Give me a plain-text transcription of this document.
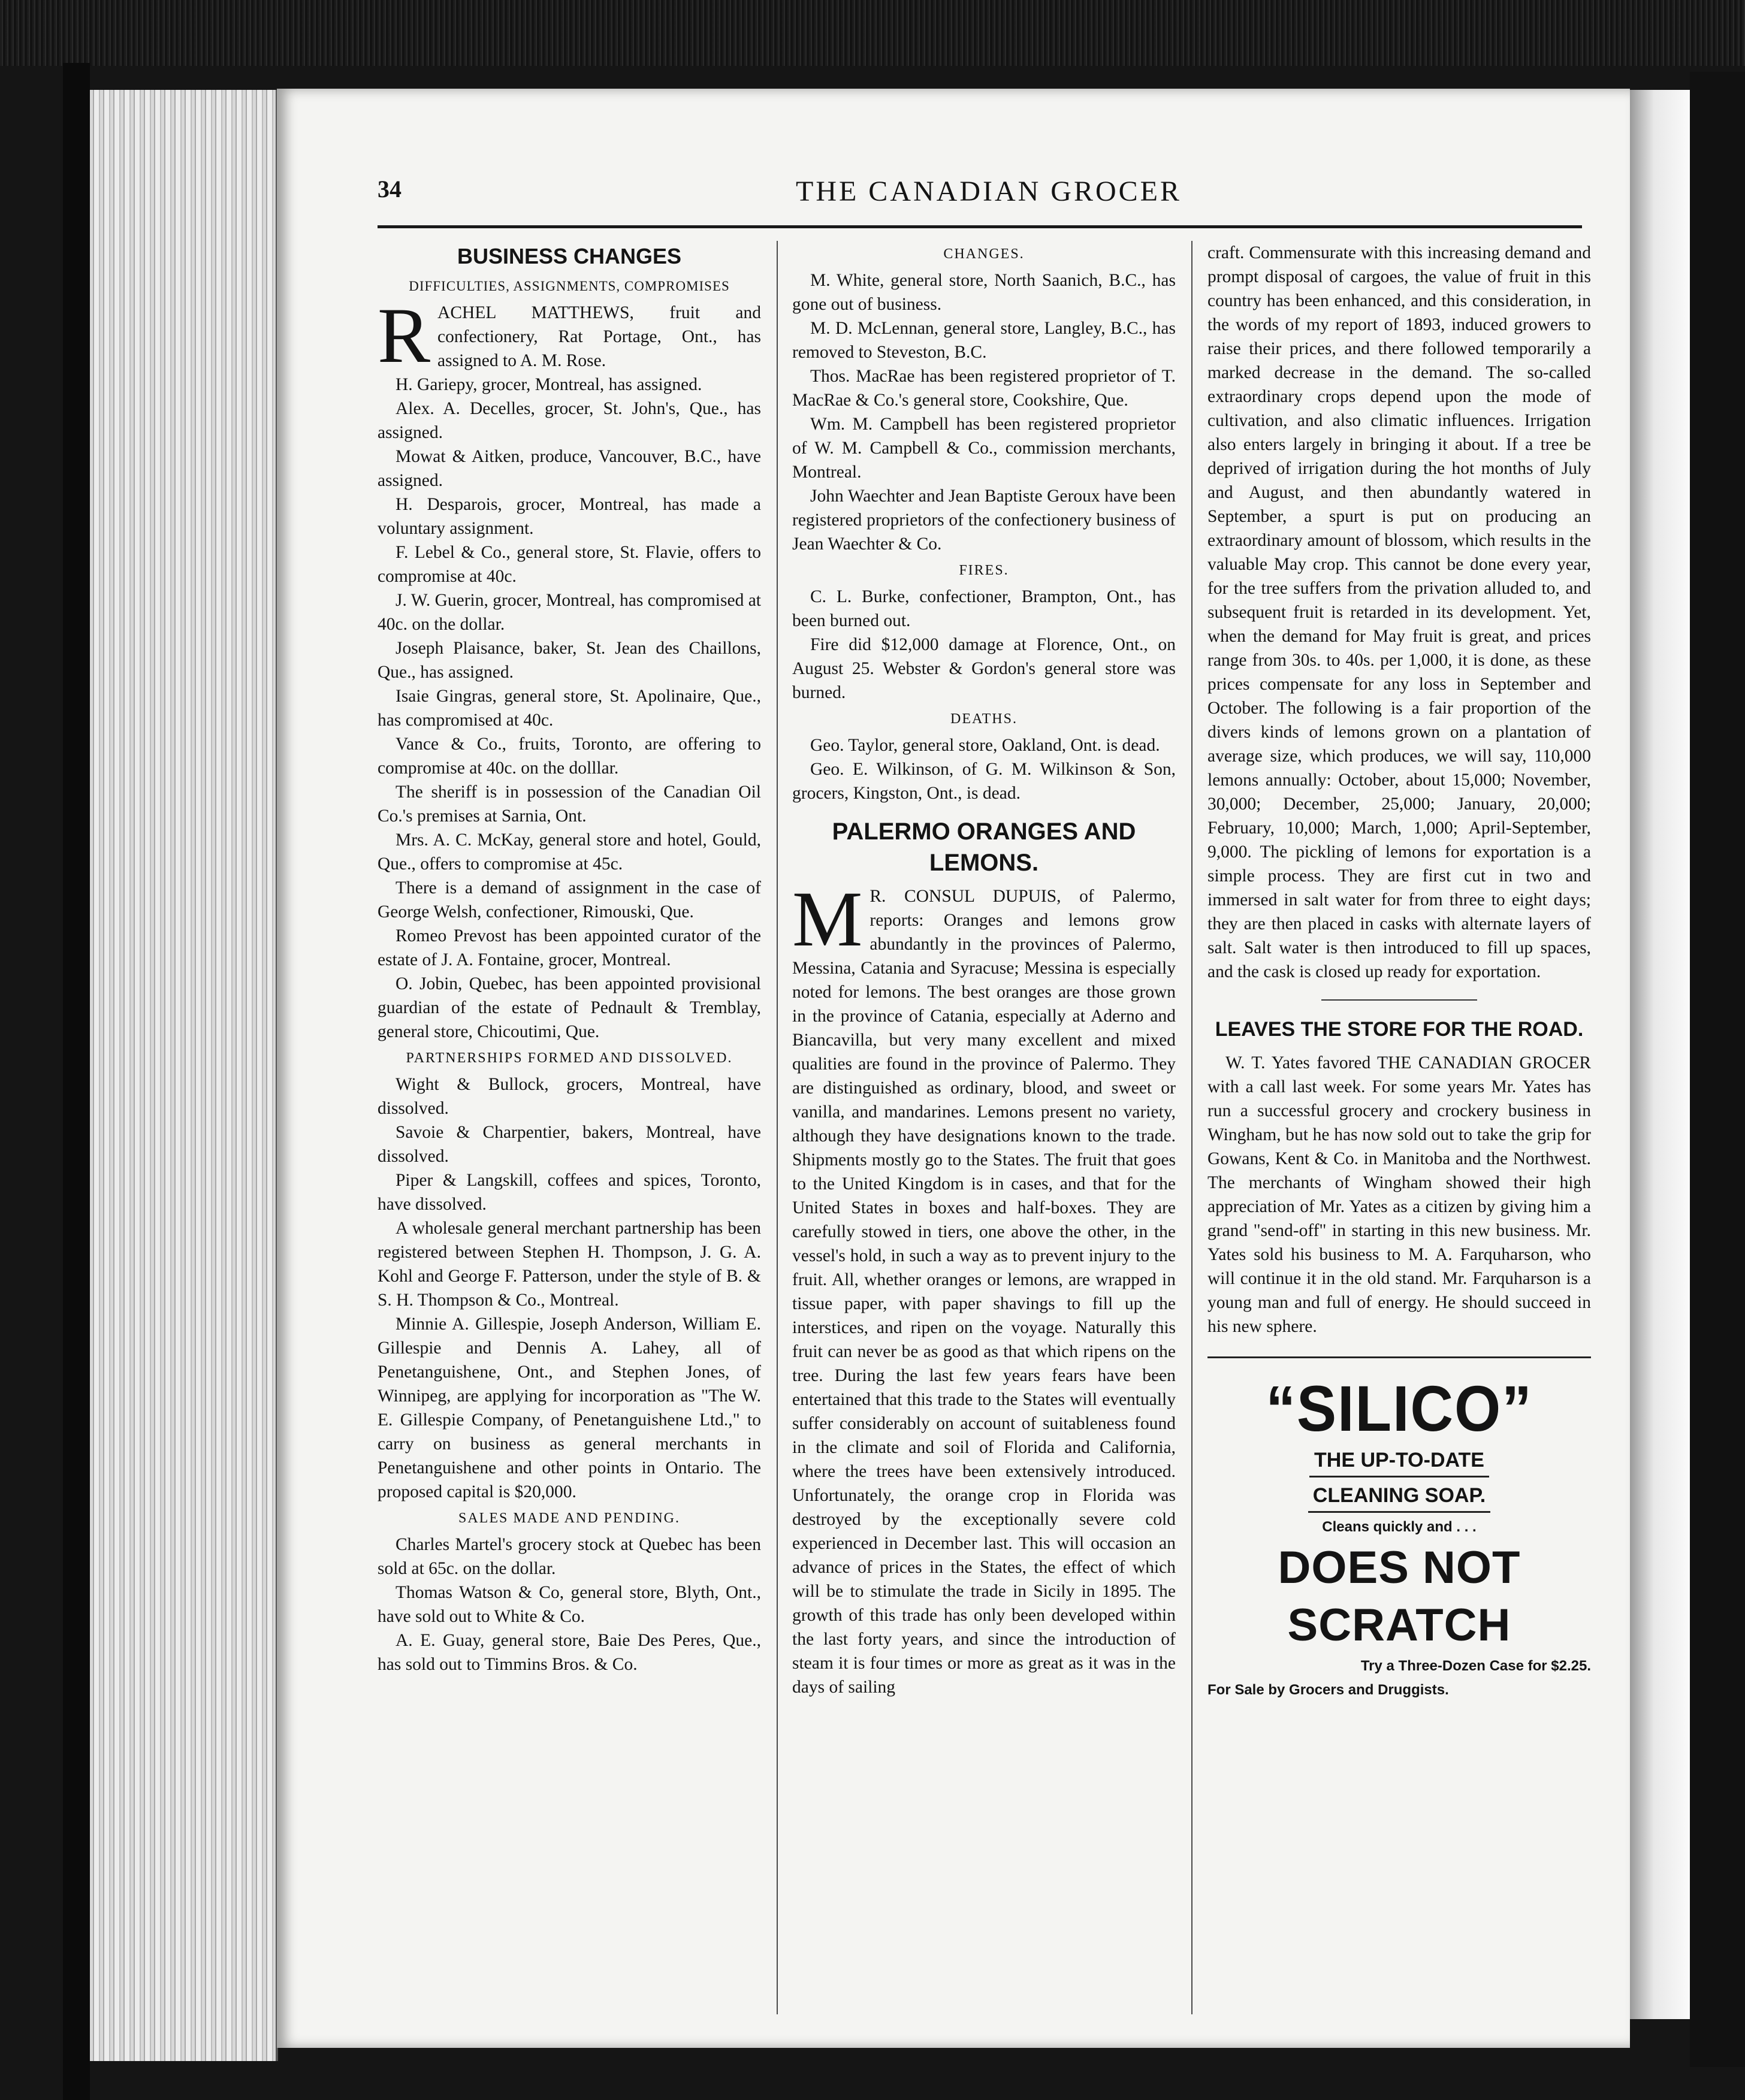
34	THE CANADIAN GROCER
BUSINESS CHANGES
DIFFICULTIES, ASSIGNMENTS, COMPROMISES

RACHEL MATTHEWS, fruit and confectionery, Rat Portage, Ont., has assigned to A. M. Rose.

H. Gariepy, grocer, Montreal, has assigned.

Alex. A. Decelles, grocer, St. John's, Que., has assigned.

Mowat & Aitken, produce, Vancouver, B.C., have assigned.

H. Desparois, grocer, Montreal, has made a voluntary assignment.

F. Lebel & Co., general store, St. Flavie, offers to compromise at 40c.

J. W. Guerin, grocer, Montreal, has compromised at 40c. on the dollar.

Joseph Plaisance, baker, St. Jean des Chaillons, Que., has assigned.

Isaie Gingras, general store, St. Apolinaire, Que., has compromised at 40c.

Vance & Co., fruits, Toronto, are offering to compromise at 40c. on the dolllar.

The sheriff is in possession of the Canadian Oil Co.'s premises at Sarnia, Ont.

Mrs. A. C. McKay, general store and hotel, Gould, Que., offers to compromise at 45c.

There is a demand of assignment in the case of George Welsh, confectioner, Rimouski, Que.

Romeo Prevost has been appointed curator of the estate of J. A. Fontaine, grocer, Montreal.

O. Jobin, Quebec, has been appointed provisional guardian of the estate of Pednault & Tremblay, general store, Chicoutimi, Que.

PARTNERSHIPS FORMED AND DISSOLVED.

Wight & Bullock, grocers, Montreal, have dissolved.

Savoie & Charpentier, bakers, Montreal, have dissolved.

Piper & Langskill, coffees and spices, Toronto, have dissolved.

A wholesale general merchant partnership has been registered between Stephen H. Thompson, J. G. A. Kohl and George F. Patterson, under the style of B. & S. H. Thompson & Co., Montreal.

Minnie A. Gillespie, Joseph Anderson, William E. Gillespie and Dennis A. Lahey, all of Penetanguishene, Ont., and Stephen Jones, of Winnipeg, are applying for incorporation as "The W. E. Gillespie Company, of Penetanguishene Ltd.," to carry on business as general merchants in Penetanguishene and other points in Ontario. The proposed capital is $20,000.

SALES MADE AND PENDING.

Charles Martel's grocery stock at Quebec has been sold at 65c. on the dollar.

Thomas Watson & Co, general store, Blyth, Ont., have sold out to White & Co.

A. E. Guay, general store, Baie Des Peres, Que., has sold out to Timmins Bros. & Co.

CHANGES.

M. White, general store, North Saanich, B.C., has gone out of business.

M. D. McLennan, general store, Langley, B.C., has removed to Steveston, B.C.

Thos. MacRae has been registered proprietor of T. MacRae & Co.'s general store, Cookshire, Que.

Wm. M. Campbell has been registered proprietor of W. M. Campbell & Co., commission merchants, Montreal.

John Waechter and Jean Baptiste Geroux have been registered proprietors of the confectionery business of Jean Waechter & Co.

FIRES.

C. L. Burke, confectioner, Brampton, Ont., has been burned out.

Fire did $12,000 damage at Florence, Ont., on August 25. Webster & Gordon's general store was burned.

DEATHS.

Geo. Taylor, general store, Oakland, Ont. is dead.

Geo. E. Wilkinson, of G. M. Wilkinson & Son, grocers, Kingston, Ont., is dead.

PALERMO ORANGES AND LEMONS.

M R. CONSUL DUPUIS, of Palermo, reports: Oranges and lemons grow abundantly in the provinces of Palermo, Messina, Catania and Syracuse; Messina is especially noted for lemons. The best oranges are those grown in the province of Catania, especially at Aderno and Biancavilla, but very many excellent and mixed qualities are found in the province of Palermo. They are distinguished as ordinary, blood, and sweet or vanilla, and mandarines. Lemons present no variety, although they have designations known to the trade. Shipments mostly go to the States. The fruit that goes to the United Kingdom is in cases, and that for the United States in boxes and half-boxes. They are carefully stowed in tiers, one above the other, in the vessel's hold, in such a way as to prevent injury to the fruit. All, whether oranges or lemons, are wrapped in tissue paper, with paper shavings to fill up the interstices, and ripen on the voyage. Naturally this fruit can never be as good as that which ripens on the tree. During the last few years fears have been entertained that this trade to the States will eventually suffer considerably on account of suitableness found in the climate and soil of Florida and California, where the trees have been extensively introduced. Unfortunately, the orange crop in Florida was destroyed by the exceptionally severe cold experienced in December last. This will occasion an advance of prices in the States, the effect of which will be to stimulate the trade in Sicily in 1895. The growth of this trade has only been developed within the last forty years, and since the introduction of steam it is four times or more as great as it was in the days of sailing

craft. Commensurate with this increasing demand and prompt disposal of cargoes, the value of fruit in this country has been enhanced, and this consideration, in the words of my report of 1893, induced growers to raise their prices, and there followed temporarily a marked decrease in the demand. The so-called extraordinary crops depend upon the mode of cultivation, and also climatic influences. Irrigation also enters largely in bringing it about. If a tree be deprived of irrigation during the hot months of July and August, and then abundantly watered in September, a spurt is put on producing an extraordinary amount of blossom, which results in the valuable May crop. This cannot be done every year, for the tree suffers from the privation alluded to, and subsequent fruit is retarded in its development. Yet, when the demand for May fruit is great, and prices range from 30s. to 40s. per 1,000, it is done, as these prices compensate for any loss in September and October. The following is a fair proportion of the divers kinds of lemons grown on a plantation of average size, which produces, we will say, 110,000 lemons annually: October, about 15,000; November, 30,000; December, 25,000; January, 20,000; February, 10,000; March, 1,000; April-September, 9,000. The pickling of lemons for exportation is a simple process. They are first cut in two and immersed in salt water for from three to eight days; they are then placed in casks with alternate layers of salt. Salt water is then introduced to fill up spaces, and the cask is closed up ready for exportation.

LEAVES THE STORE FOR THE ROAD.

W. T. Yates favored THE CANADIAN GROCER with a call last week. For some years Mr. Yates has run a successful grocery and crockery business in Wingham, but he has now sold out to take the grip for Gowans, Kent & Co. in Manitoba and the Northwest. The merchants of Wingham showed their high appreciation of Mr. Yates as a citizen by giving him a grand "send-off" in starting in this new business. Mr. Yates sold his business to M. A. Farquharson, who will continue it in the old stand. Mr. Farquharson is a young man and full of energy. He should succeed in his new sphere.

“SILICO”
THE UP-TO-DATE
CLEANING SOAP.
Cleans quickly and . . .
DOES NOT SCRATCH
Try a Three-Dozen Case for $2.25.
For Sale by Grocers and Druggists.
